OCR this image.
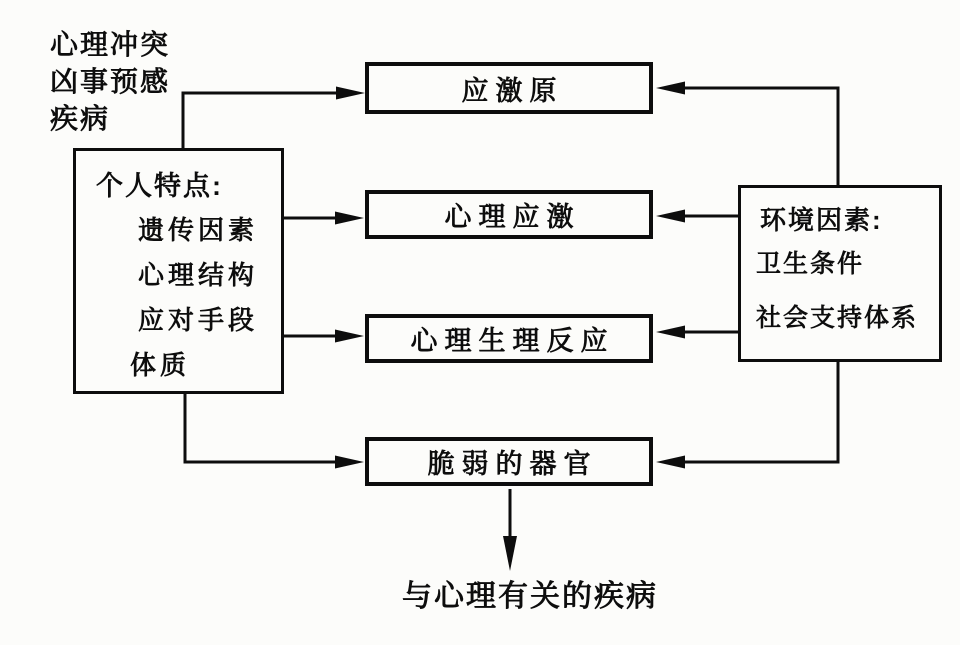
心理冲突
凶事预感
疾病
个人特点:
遗传因素
心理结构
应对手段
体质
应激原
心理应激
心理生理反应
脆弱的器官
环境因素:
卫生条件
社会支持体系
与心理有关的疾病
